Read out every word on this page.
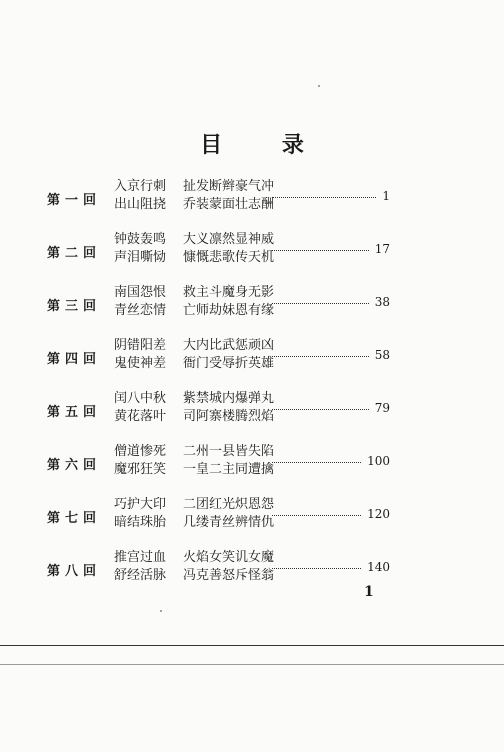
目 录
第一回
入京行刺
出山阻挠
扯发断辫豪气冲
乔装蒙面壮志酬
1
第二回
钟鼓轰鸣
声泪嘶恸
大义凛然显神威
慷慨悲歌传天机
17
第三回
南国怨恨
青丝恋情
救主斗魔身无影
亡师劫妹恩有缘
38
第四回
阴错阳差
鬼使神差
大内比武惩顽凶
衙门受辱折英雄
58
第五回
闰八中秋
黄花落叶
紫禁城内爆弹丸
司阿寨楼腾烈焰
79
第六回
僧道惨死
魔邪狂笑
二州一县皆失陷
一皇二主同遭擒
100
第七回
巧护大印
暗结珠胎
二团红光炽恩怨
几缕青丝辨情仇
120
第八回
推宫过血
舒经活脉
火焰女笑讥女魔
冯克善怒斥怪翁
140
1
